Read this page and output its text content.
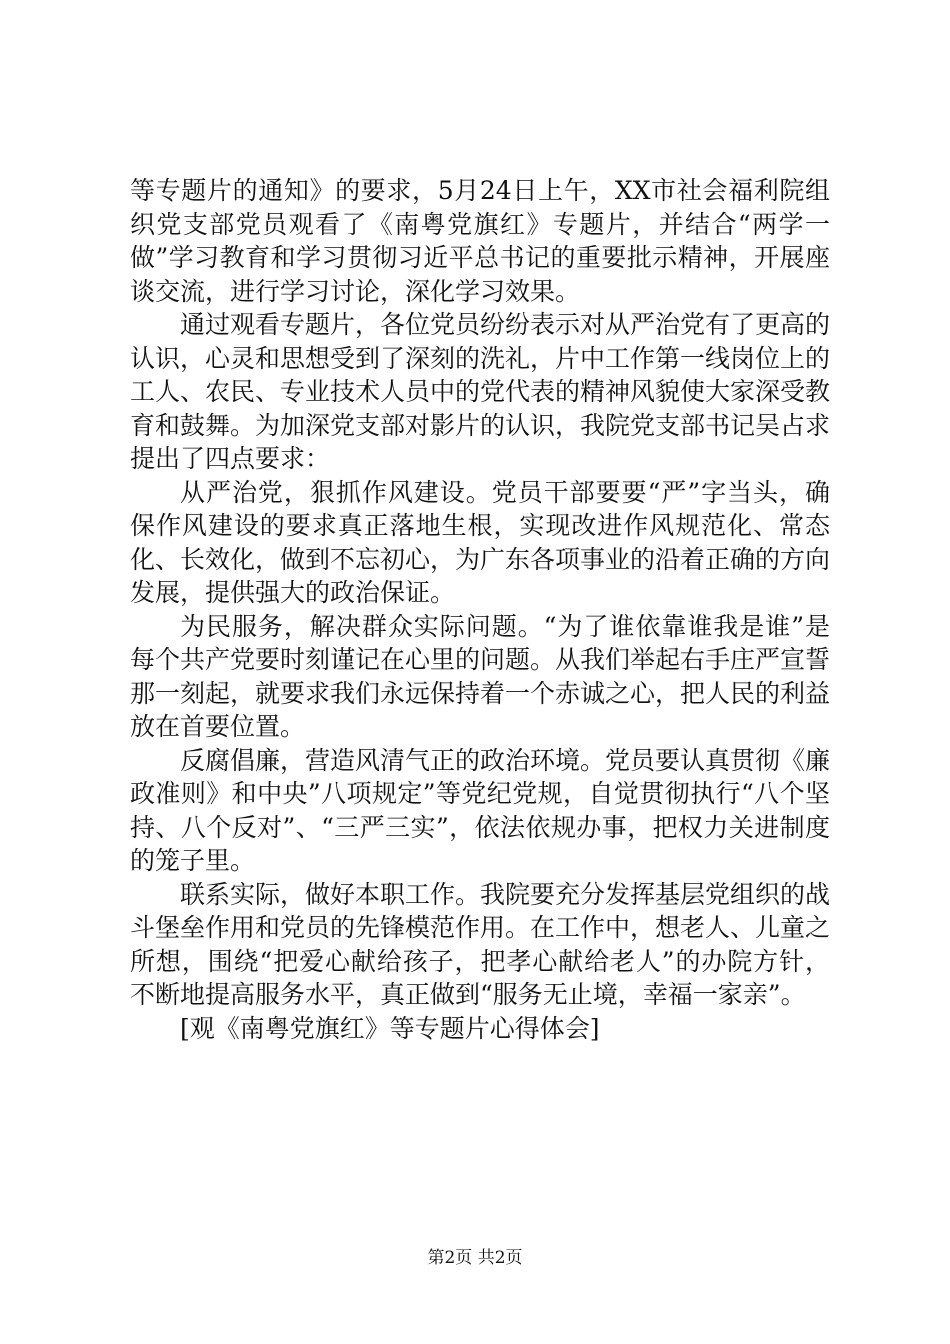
等专题片的通知》的要求，5月24日上午，XX市社会福利院组织党支部党员观看了《南粤党旗红》专题片，并结合“两学一做”学习教育和学习贯彻习近平总书记的重要批示精神，开展座谈交流，进行学习讨论，深化学习效果。

通过观看专题片，各位党员纷纷表示对从严治党有了更高的认识，心灵和思想受到了深刻的洗礼，片中工作第一线岗位上的工人、农民、专业技术人员中的党代表的精神风貌使大家深受教育和鼓舞。为加深党支部对影片的认识，我院党支部书记吴占求提出了四点要求：

从严治党，狠抓作风建设。党员干部要要“严”字当头，确保作风建设的要求真正落地生根，实现改进作风规范化、常态化、长效化，做到不忘初心，为广东各项事业的沿着正确的方向发展，提供强大的政治保证。

为民服务，解决群众实际问题。“为了谁依靠谁我是谁”是每个共产党要时刻谨记在心里的问题。从我们举起右手庄严宣誓那一刻起，就要求我们永远保持着一个赤诚之心，把人民的利益放在首要位置。

反腐倡廉，营造风清气正的政治环境。党员要认真贯彻《廉政准则》和中央”八项规定”等党纪党规，自觉贯彻执行“八个坚持、八个反对”、“三严三实”，依法依规办事，把权力关进制度的笼子里。

联系实际，做好本职工作。我院要充分发挥基层党组织的战斗堡垒作用和党员的先锋模范作用。在工作中，想老人、儿童之所想，围绕“把爱心献给孩子，把孝心献给老人”的办院方针，不断地提高服务水平，真正做到“服务无止境，幸福一家亲”。

[观《南粤党旗红》等专题片心得体会]

第2页 共2页
